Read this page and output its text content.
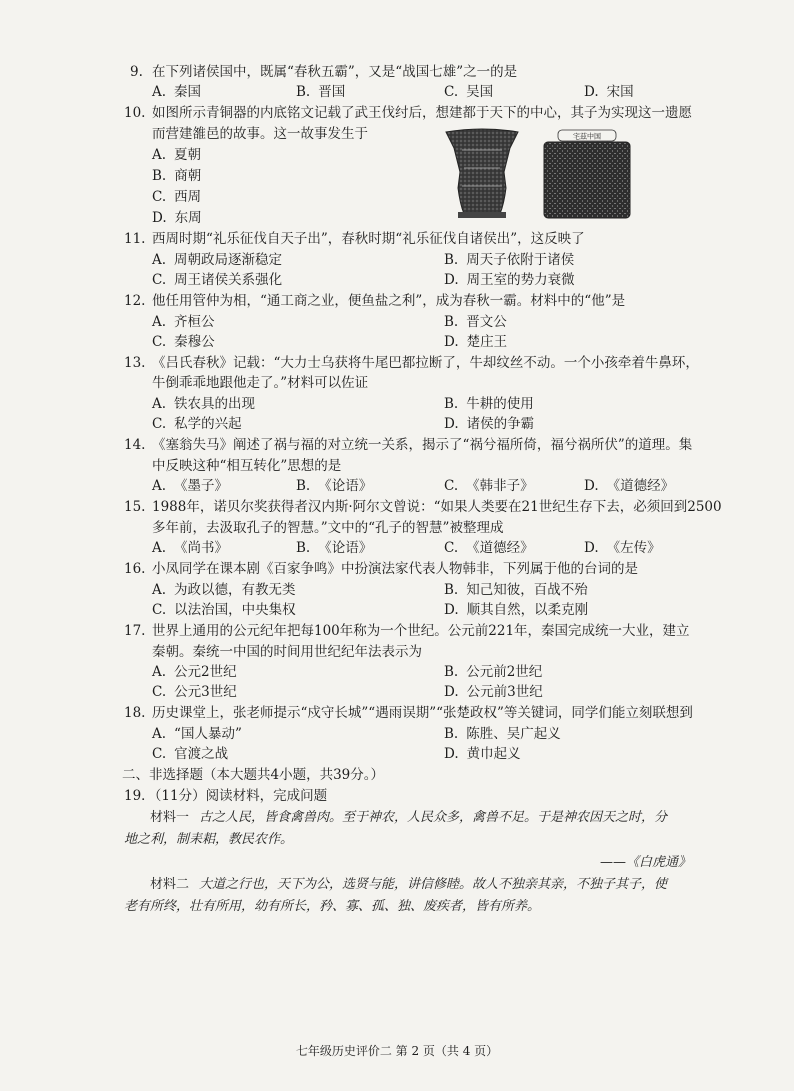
9. 在下列诸侯国中，既属“春秋五霸”，又是“战国七雄”之一的是
A. 秦国	B. 晋国	C. 吴国	D. 宋国
10. 如图所示青铜器的内底铭文记载了武王伐纣后，想建都于天下的中心，其子为实现这一遗愿
而营建雒邑的故事。这一故事发生于
A. 夏朝
B. 商朝
C. 西周
D. 东周
宅兹中国
11. 西周时期“礼乐征伐自天子出”，春秋时期“礼乐征伐自诸侯出”，这反映了
A. 周朝政局逐渐稳定	B. 周天子依附于诸侯
C. 周王诸侯关系强化	D. 周王室的势力衰微
12. 他任用管仲为相，“通工商之业，便鱼盐之利”，成为春秋一霸。材料中的“他”是
A. 齐桓公	B. 晋文公
C. 秦穆公	D. 楚庄王
13. 《吕氏春秋》记载：“大力士乌获将牛尾巴都拉断了，牛却纹丝不动。一个小孩牵着牛鼻环，
牛倒乖乖地跟他走了。”材料可以佐证
A. 铁农具的出现	B. 牛耕的使用
C. 私学的兴起	D. 诸侯的争霸
14. 《塞翁失马》阐述了祸与福的对立统一关系，揭示了“祸兮福所倚，福兮祸所伏”的道理。集
中反映这种“相互转化”思想的是
A. 《墨子》	B. 《论语》	C. 《韩非子》	D. 《道德经》
15. 1988年，诺贝尔奖获得者汉内斯·阿尔文曾说：“如果人类要在21世纪生存下去，必须回到2500
多年前，去汲取孔子的智慧。”文中的“孔子的智慧”被整理成
A. 《尚书》	B. 《论语》	C. 《道德经》	D. 《左传》
16. 小凤同学在课本剧《百家争鸣》中扮演法家代表人物韩非，下列属于他的台词的是
A. 为政以德，有教无类	B. 知己知彼，百战不殆
C. 以法治国，中央集权	D. 顺其自然，以柔克刚
17. 世界上通用的公元纪年把每100年称为一个世纪。公元前221年，秦国完成统一大业，建立
秦朝。秦统一中国的时间用世纪纪年法表示为
A. 公元2世纪	B. 公元前2世纪
C. 公元3世纪	D. 公元前3世纪
18. 历史课堂上，张老师提示“戍守长城”“遇雨误期”“张楚政权”等关键词，同学们能立刻联想到
A. “国人暴动”	B. 陈胜、吴广起义
C. 官渡之战	D. 黄巾起义
二、非选择题（本大题共4小题，共39分。）
19．（11分）阅读材料，完成问题
材料一 古之人民，皆食禽兽肉。至于神农，人民众多，禽兽不足。于是神农因天之时，分
地之利，制耒耜，教民农作。
——《白虎通》
材料二 大道之行也，天下为公，选贤与能，讲信修睦。故人不独亲其亲，不独子其子，使
老有所终，壮有所用，幼有所长，矜、寡、孤、独、废疾者，皆有所养。
七年级历史评价二 第 2 页（共 4 页）
